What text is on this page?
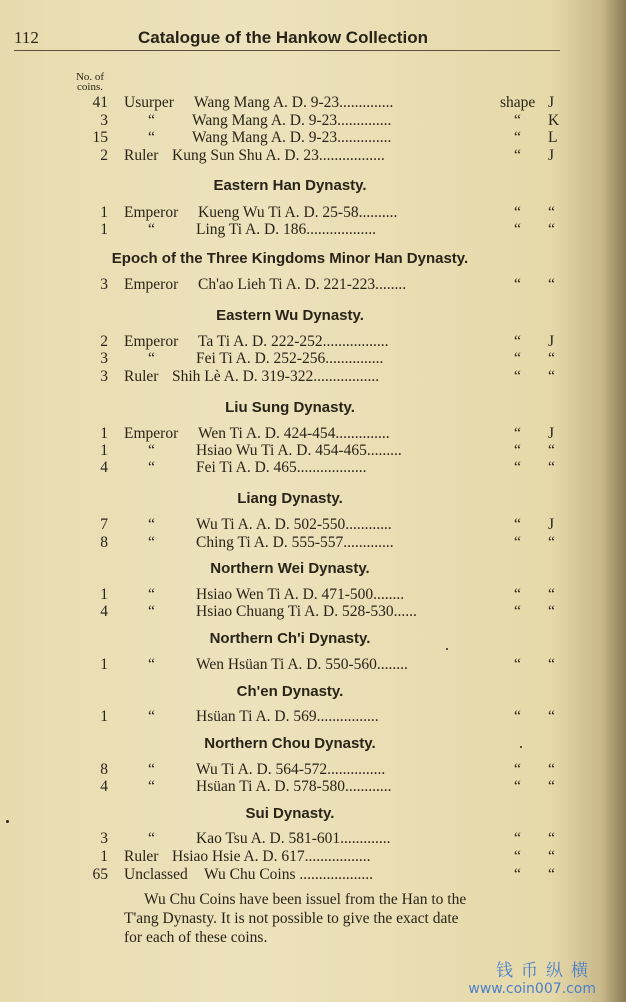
112	Catalogue of the Hankow Collection
No. of coins.
41 Usurper Wang Mang A. D. 9-23..............	shape J
3	“ Wang Mang A. D. 9-23..............	“ K
15	“ Wang Mang A. D. 9-23..............	“ L
2 Ruler Kung Sun Shu A. D. 23.................	“ J
Eastern Han Dynasty.
1 Emperor Kueng Wu Ti A. D. 25-58..........	“ “
1	“	Ling Ti A. D. 186..................	“ “
Epoch of the Three Kingdoms Minor Han Dynasty.
3 Emperor Ch'ao Lieh Ti A. D. 221-223........	“ “
Eastern Wu Dynasty.
2 Emperor Ta Ti A. D. 222-252.................	“ J
3	“	Fei Ti A. D. 252-256...............	“ “
3 Ruler Shih Lè A. D. 319-322.................	“ “
Liu Sung Dynasty.
1 Emperor Wen Ti A. D. 424-454..............	“ J
1	“	Hsiao Wu Ti A. D. 454-465.........	“ “
4	“	Fei Ti A. D. 465..................	“ “
Liang Dynasty.
7	“	Wu Ti A. A. D. 502-550............	“ J
8	“	Ching Ti A. D. 555-557.............	“ “
Northern Wei Dynasty.
1	“	Hsiao Wen Ti A. D. 471-500........	“ “
4	“	Hsiao Chuang Ti A. D. 528-530......	“ “
Northern Ch'i Dynasty.
1	“	Wen Hsüan Ti A. D. 550-560........	“ “
Ch'en Dynasty.
1	“	Hsüan Ti A. D. 569................	“ “
Northern Chou Dynasty.
8	“	Wu Ti A. D. 564-572...............	“ “
4	“	Hsüan Ti A. D. 578-580............	“ “
Sui Dynasty.
3	“	Kao Tsu A. D. 581-601.............	“ “
1 Ruler Hsiao Hsie A. D. 617.................	“ “
65 Unclassed Wu Chu Coins ...................	“ “
Wu Chu Coins have been issuel from the Han to the
T'ang Dynasty. It is not possible to give the exact date
for each of these coins.
钱币纵横
www.coin007.com
